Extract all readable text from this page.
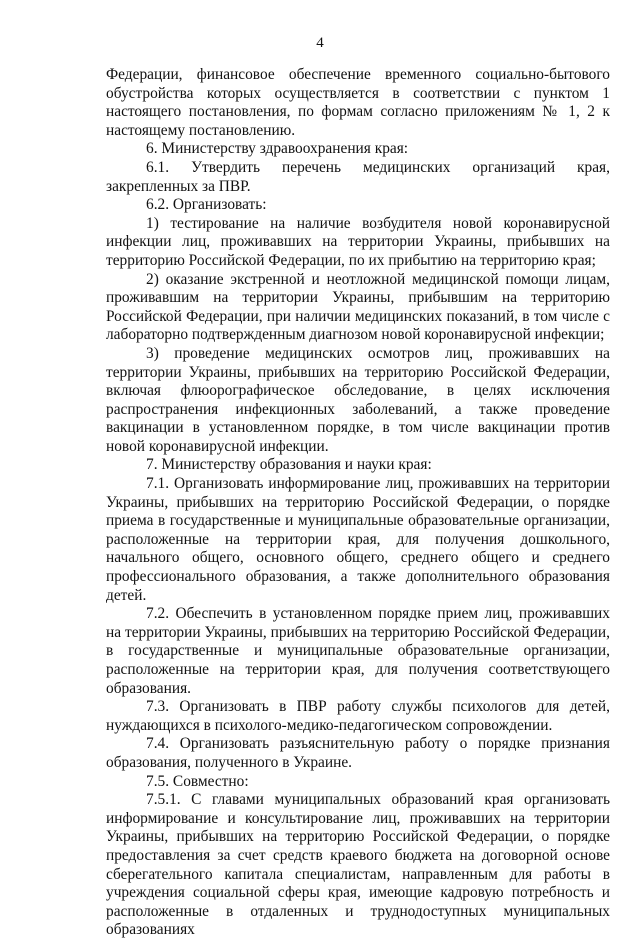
4

Федерации, финансовое обеспечение временного социально-бытового обустройства которых осуществляется в соответствии с пунктом 1 настоящего постановления, по формам согласно приложениям № 1, 2 к настоящему постановлению.

6. Министерству здравоохранения края:

6.1. Утвердить перечень медицинских организаций края, закрепленных за ПВР.

6.2. Организовать:

1) тестирование на наличие возбудителя новой коронавирусной инфекции лиц, проживавших на территории Украины, прибывших на территорию Российской Федерации, по их прибытию на территорию края;

2) оказание экстренной и неотложной медицинской помощи лицам, проживавшим на территории Украины, прибывшим на территорию Российской Федерации, при наличии медицинских показаний, в том числе с лабораторно подтвержденным диагнозом новой коронавирусной инфекции;

3) проведение медицинских осмотров лиц, проживавших на территории Украины, прибывших на территорию Российской Федерации, включая флюорографическое обследование, в целях исключения распространения инфекционных заболеваний, а также проведение вакцинации в установленном порядке, в том числе вакцинации против новой коронавирусной инфекции.

7. Министерству образования и науки края:

7.1. Организовать информирование лиц, проживавших на территории Украины, прибывших на территорию Российской Федерации, о порядке приема в государственные и муниципальные образовательные организации, расположенные на территории края, для получения дошкольного, начального общего, основного общего, среднего общего и среднего профессионального образования, а также дополнительного образования детей.

7.2. Обеспечить в установленном порядке прием лиц, проживавших на территории Украины, прибывших на территорию Российской Федерации, в государственные и муниципальные образовательные организации, расположенные на территории края, для получения соответствующего образования.

7.3. Организовать в ПВР работу службы психологов для детей, нуждающихся в психолого-медико-педагогическом сопровождении.

7.4. Организовать разъяснительную работу о порядке признания образования, полученного в Украине.

7.5. Совместно:

7.5.1. С главами муниципальных образований края организовать информирование и консультирование лиц, проживавших на территории Украины, прибывших на территорию Российской Федерации, о порядке предоставления за счет средств краевого бюджета на договорной основе сберегательного капитала специалистам, направленным для работы в учреждения социальной сферы края, имеющие кадровую потребность и расположенные в отдаленных и труднодоступных муниципальных образованиях
